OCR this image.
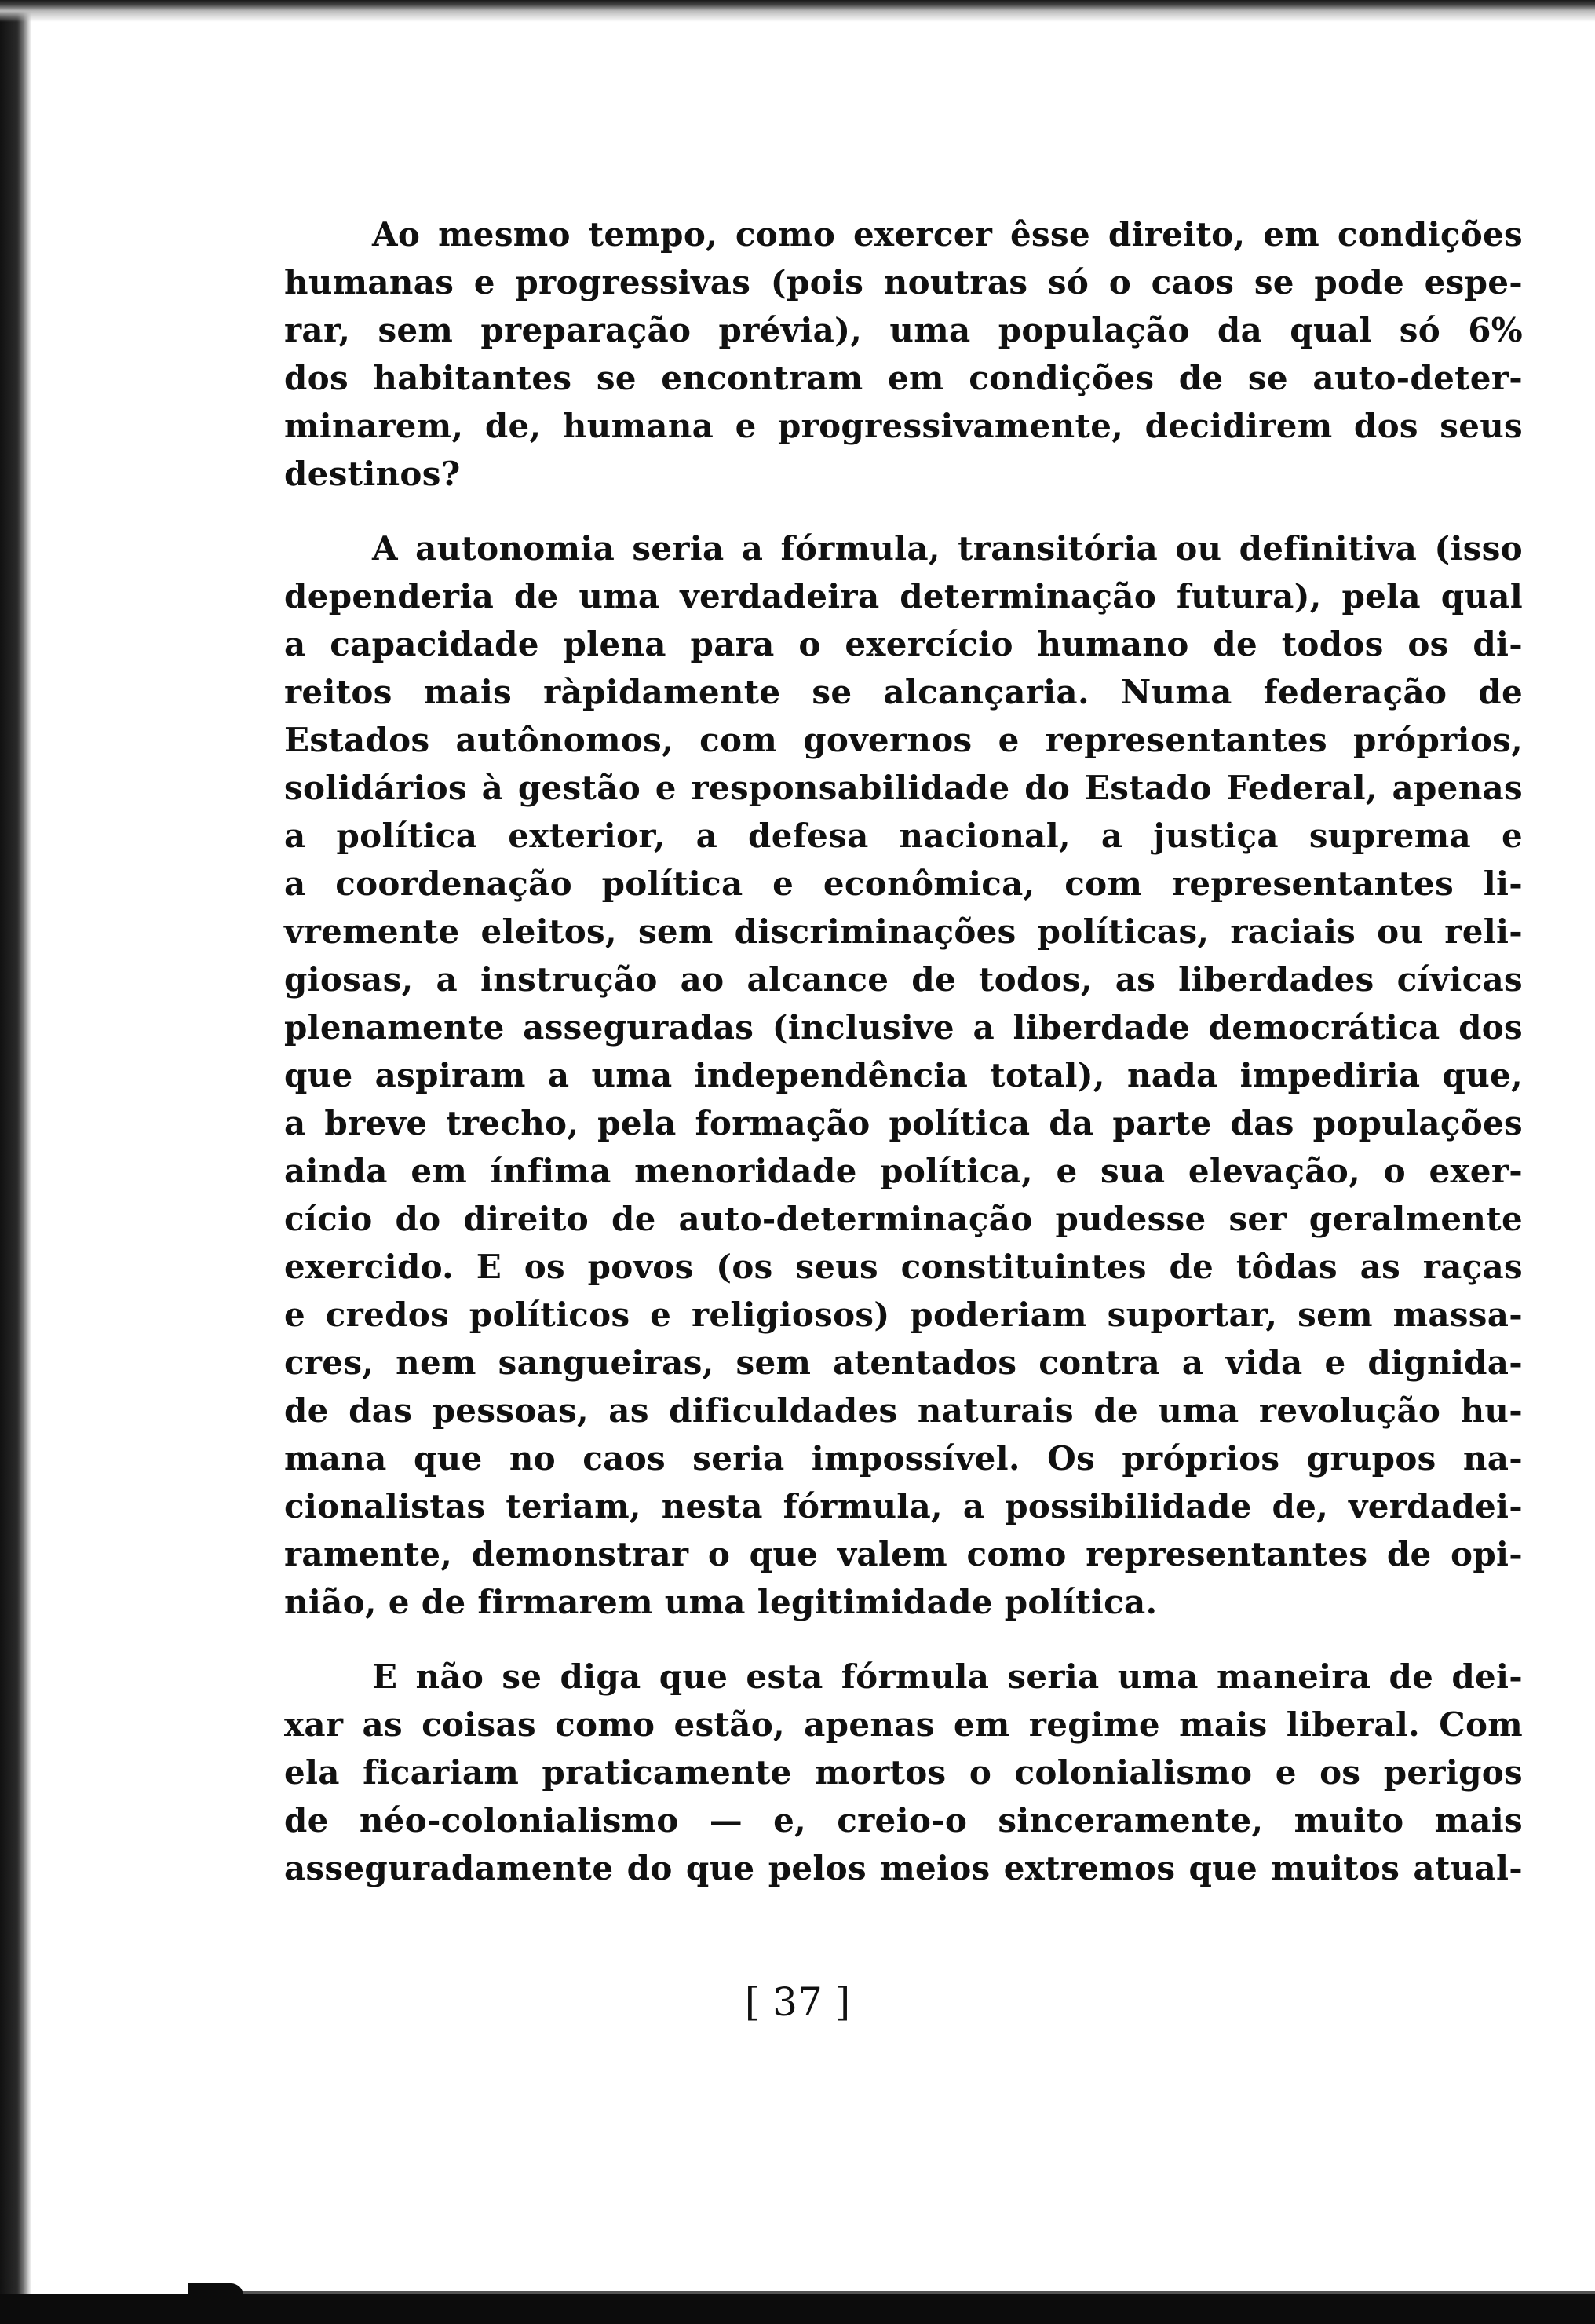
Ao mesmo tempo, como exercer êsse direito, em condições
humanas e progressivas (pois noutras só o caos se pode espe-
rar, sem preparação prévia), uma população da qual só 6%
dos habitantes se encontram em condições de se auto-deter-
minarem, de, humana e progressivamente, decidirem dos seus
destinos?
A autonomia seria a fórmula, transitória ou definitiva (isso
dependeria de uma verdadeira determinação futura), pela qual
a capacidade plena para o exercício humano de todos os di-
reitos mais ràpidamente se alcançaria. Numa federação de
Estados autônomos, com governos e representantes próprios,
solidários à gestão e responsabilidade do Estado Federal, apenas
a política exterior, a defesa nacional, a justiça suprema e
a coordenação política e econômica, com representantes li-
vremente eleitos, sem discriminações políticas, raciais ou reli-
giosas, a instrução ao alcance de todos, as liberdades cívicas
plenamente asseguradas (inclusive a liberdade democrática dos
que aspiram a uma independência total), nada impediria que,
a breve trecho, pela formação política da parte das populações
ainda em ínfima menoridade política, e sua elevação, o exer-
cício do direito de auto-determinação pudesse ser geralmente
exercido. E os povos (os seus constituintes de tôdas as raças
e credos políticos e religiosos) poderiam suportar, sem massa-
cres, nem sangueiras, sem atentados contra a vida e dignida-
de das pessoas, as dificuldades naturais de uma revolução hu-
mana que no caos seria impossível. Os próprios grupos na-
cionalistas teriam, nesta fórmula, a possibilidade de, verdadei-
ramente, demonstrar o que valem como representantes de opi-
nião, e de firmarem uma legitimidade política.
E não se diga que esta fórmula seria uma maneira de dei-
xar as coisas como estão, apenas em regime mais liberal. Com
ela ficariam praticamente mortos o colonialismo e os perigos
de néo-colonialismo — e, creio-o sinceramente, muito mais
asseguradamente do que pelos meios extremos que muitos atual-
[ 37 ]
